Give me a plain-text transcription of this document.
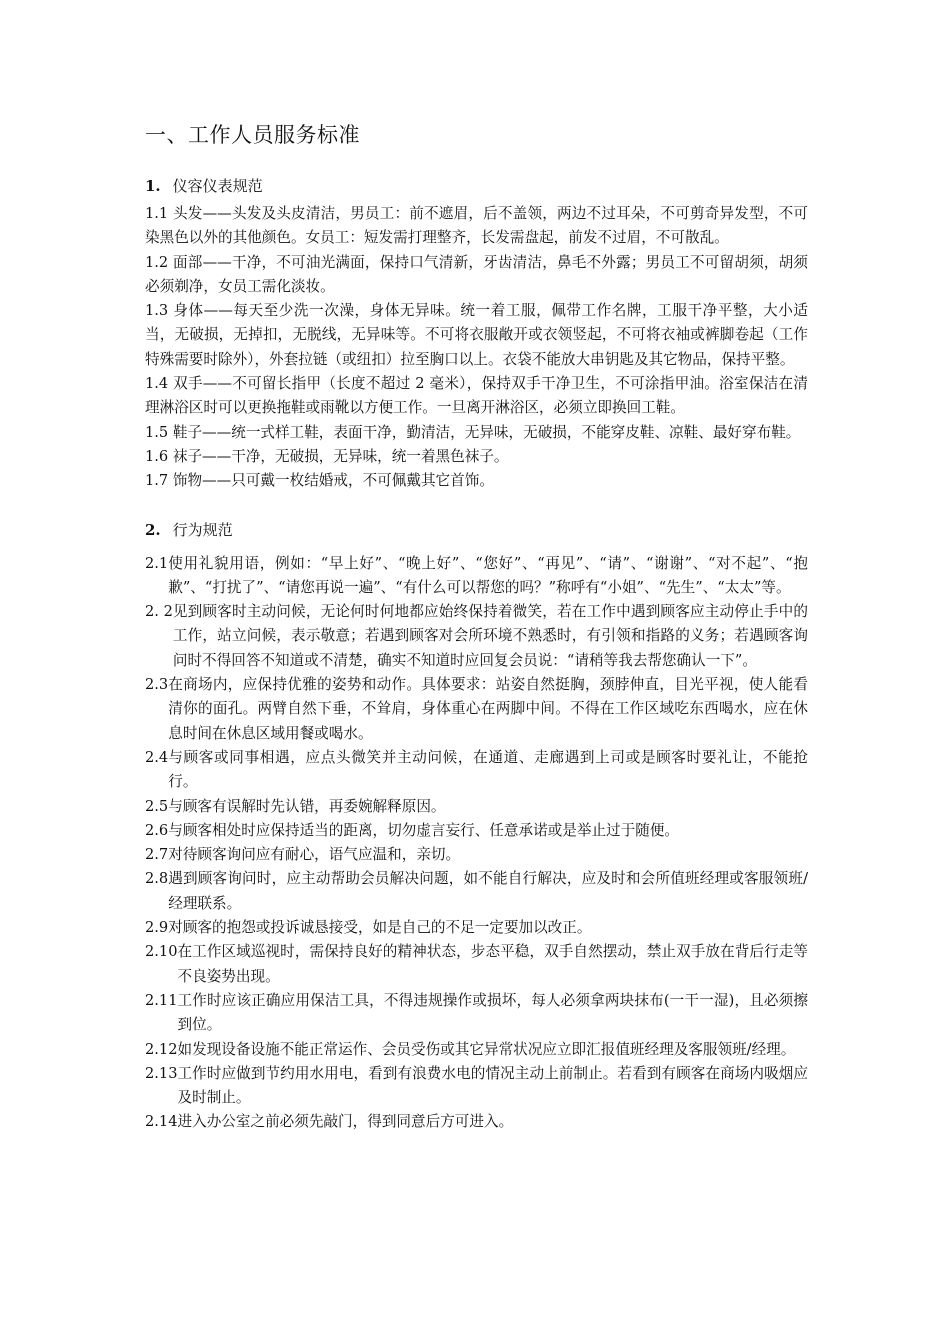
一、工作人员服务标准
1. 仪容仪表规范

1.1 头发——头发及头皮清洁，男员工：前不遮眉，后不盖领，两边不过耳朵，不可剪奇异发型，不可染黑色以外的其他颜色。女员工：短发需打理整齐，长发需盘起，前发不过眉，不可散乱。

1.2 面部——干净，不可油光满面，保持口气清新，牙齿清洁，鼻毛不外露；男员工不可留胡须，胡须必须剃净，女员工需化淡妆。

1.3 身体——每天至少洗一次澡，身体无异味。统一着工服，佩带工作名牌，工服干净平整，大小适当，无破损，无掉扣，无脱线，无异味等。不可将衣服敞开或衣领竖起，不可将衣袖或裤脚卷起（工作特殊需要时除外），外套拉链（或纽扣）拉至胸口以上。衣袋不能放大串钥匙及其它物品，保持平整。

1.4 双手——不可留长指甲（长度不超过 2 毫米），保持双手干净卫生，不可涂指甲油。浴室保洁在清理淋浴区时可以更换拖鞋或雨靴以方便工作。一旦离开淋浴区，必须立即换回工鞋。

1.5 鞋子——统一式样工鞋，表面干净，勤清洁，无异味，无破损，不能穿皮鞋、凉鞋、最好穿布鞋。

1.6 袜子——干净，无破损，无异味，统一着黑色袜子。

1.7 饰物——只可戴一枚结婚戒，不可佩戴其它首饰。

2. 行为规范
2.1 使用礼貌用语，例如：“早上好”、“晚上好”、“您好”、“再见”、“请”、“谢谢”、“对不起”、“抱歉”、“打扰了”、“请您再说一遍”、“有什么可以帮您的吗？”称呼有“小姐”、“先生”、“太太”等。
2. 2 见到顾客时主动问候，无论何时何地都应始终保持着微笑，若在工作中遇到顾客应主动停止手中的工作，站立问候，表示敬意；若遇到顾客对会所环境不熟悉时，有引领和指路的义务；若遇顾客询问时不得回答不知道或不清楚，确实不知道时应回复会员说：“请稍等我去帮您确认一下”。
2.3 在商场内，应保持优雅的姿势和动作。具体要求：站姿自然挺胸，颈脖伸直，目光平视，使人能看清你的面孔。两臂自然下垂，不耸肩，身体重心在两脚中间。不得在工作区域吃东西喝水，应在休息时间在休息区域用餐或喝水。
2.4 与顾客或同事相遇，应点头微笑并主动问候，在通道、走廊遇到上司或是顾客时要礼让，不能抢行。
2.5 与顾客有误解时先认错，再委婉解释原因。
2.6 与顾客相处时应保持适当的距离，切勿虚言妄行、任意承诺或是举止过于随便。
2.7 对待顾客询问应有耐心，语气应温和，亲切。
2.8 遇到顾客询问时，应主动帮助会员解决问题，如不能自行解决，应及时和会所值班经理或客服领班/经理联系。
2.9 对顾客的抱怨或投诉诚恳接受，如是自己的不足一定要加以改正。
2.10 在工作区域巡视时，需保持良好的精神状态，步态平稳，双手自然摆动，禁止双手放在背后行走等不良姿势出现。
2.11 工作时应该正确应用保洁工具，不得违规操作或损坏，每人必须拿两块抹布(一干一湿)，且必须擦到位。
2.12 如发现设备设施不能正常运作、会员受伤或其它异常状况应立即汇报值班经理及客服领班/经理。
2.13 工作时应做到节约用水用电，看到有浪费水电的情况主动上前制止。若看到有顾客在商场内吸烟应及时制止。
2.14 进入办公室之前必须先敲门，得到同意后方可进入。
